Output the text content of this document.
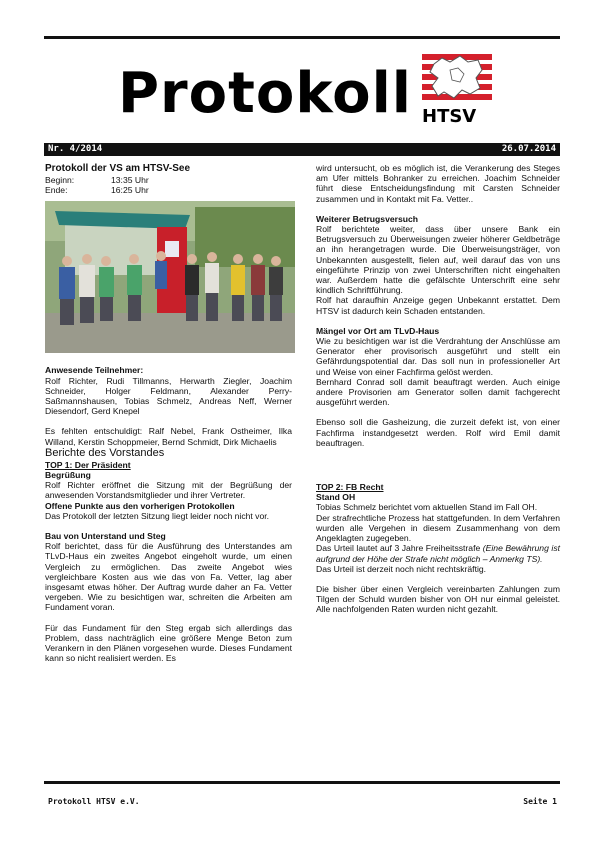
Protokoll HTSV
Nr. 4/2014	26.07.2014

Protokoll der VS am HTSV-See

Beginn:	13:35 Uhr
Ende:	16:25 Uhr

Anwesende Teilnehmer:

Rolf Richter, Rudi Tillmanns, Herwarth Ziegler, Joachim Schneider, Holger Feldmann, Alexander Perry-Saßmannshausen, Tobias Schmelz, Andreas Neff, Werner Diesendorf, Gerd Knepel

Es fehlten entschuldigt: Ralf Nebel, Frank Ostheimer, Ilka Willand, Kerstin Schoppmeier, Bernd Schmidt, Dirk Michaelis

Berichte des Vorstandes

TOP 1: Der Präsident

Begrüßung

Rolf Richter eröffnet die Sitzung mit der Begrüßung der anwesenden Vorstandsmitglieder und ihrer Vertreter.

Offene Punkte aus den vorherigen Protokollen

Das Protokoll der letzten Sitzung liegt leider noch nicht vor.

Bau von Unterstand und Steg

Rolf berichtet, dass für die Ausführung des Unterstandes am TLvD-Haus ein zweites Angebot eingeholt wurde, um einen Vergleich zu ermöglichen. Das zweite Angebot wies vergleichbare Kosten aus wie das von Fa. Vetter, lag aber insgesamt etwas höher. Der Auftrag wurde daher an Fa. Vetter vergeben. Wie zu besichtigen war, schreiten die Arbeiten am Fundament voran.

Für das Fundament für den Steg ergab sich allerdings das Problem, dass nachträglich eine größere Menge Beton zum Verankern in den Plänen vorgesehen wurde. Dieses Fundament kann so nicht realisiert werden. Es

wird untersucht, ob es möglich ist, die Verankerung des Steges am Ufer mittels Bohranker zu erreichen. Joachim Schneider führt diese Entscheidungsfindung mit Carsten Schneider zusammen und in Kontakt mit Fa. Vetter..

Weiterer Betrugsversuch

Rolf berichtete weiter, dass über unsere Bank ein Betrugsversuch zu Überweisungen zweier höherer Geldbeträge an ihn herangetragen wurde. Die Überweisungsträger, von Unbekannten ausgestellt, fielen auf, weil darauf das von uns eingeführte Prinzip von zwei Unterschriften nicht eingehalten war. Außerdem hatte die gefälschte Unterschrift eine sehr kindlich Schriftführung.

Rolf hat daraufhin Anzeige gegen Unbekannt erstattet. Dem HTSV ist dadurch kein Schaden entstanden.

Mängel vor Ort am TLvD-Haus

Wie zu besichtigen war ist die Verdrahtung der Anschlüsse am Generator eher provisorisch ausgeführt und stellt ein Gefährdungspotential dar. Das soll nun in professioneller Art und Weise von einer Fachfirma gelöst werden.

Bernhard Conrad soll damit beauftragt werden. Auch einige andere Provisorien am Generator sollen damit fachgerecht ausgeführt werden.

Ebenso soll die Gasheizung, die zurzeit defekt ist, von einer Fachfirma instandgesetzt werden. Rolf wird Emil damit beauftragen.

TOP 2: FB Recht

Stand OH

Tobias Schmelz berichtet vom aktuellen Stand im Fall OH.

Der strafrechtliche Prozess hat stattgefunden. In dem Verfahren wurden alle Vergehen in diesem Zusammenhang von dem Angeklagten zugegeben.

Das Urteil lautet auf 3 Jahre Freiheitsstrafe (Eine Bewährung ist aufgrund der Höhe der Strafe nicht möglich – Anmerkg TS).

Das Urteil ist derzeit noch nicht rechtskräftig.

Die bisher über einen Vergleich vereinbarten Zahlungen zum Tilgen der Schuld wurden bisher von OH nur einmal geleistet. Alle nachfolgenden Raten wurden nicht gezahlt.

Protokoll HTSV e.V.	Seite 1
